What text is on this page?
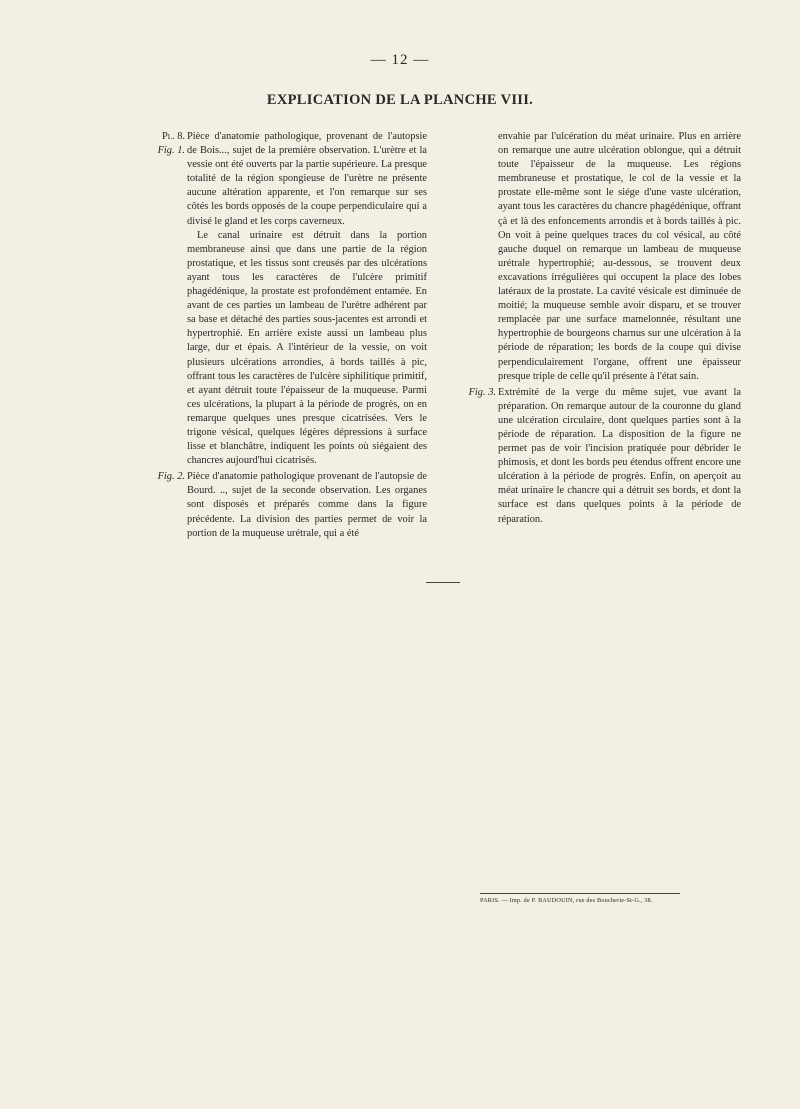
— 12 —
EXPLICATION DE LA PLANCHE VIII.
Pl. 8.
Fig. 1.

Pièce d'anatomie pathologique, provenant de l'autopsie de Bois..., sujet de la première observation. L'urètre et la vessie ont été ouverts par la partie supérieure. La presque totalité de la région spongieuse de l'urètre ne présente aucune altération apparente, et l'on remarque sur ses côtés les bords opposés de la coupe perpendiculaire qui a divisé le gland et les corps caverneux.

Le canal urinaire est détruit dans la portion membraneuse ainsi que dans une partie de la région prostatique, et les tissus sont creusés par des ulcérations ayant tous les caractères de l'ulcère primitif phagédénique, la prostate est profondément entamée. En avant de ces parties un lambeau de l'urètre adhérent par sa base et détaché des parties sous-jacentes est arrondi et hypertrophié. En arrière existe aussi un lambeau plus large, dur et épais. A l'intérieur de la vessie, on voit plusieurs ulcérations arrondies, à bords taillés à pic, offrant tous les caractères de l'ulcère siphilitique primitif, et ayant détruit toute l'épaisseur de la muqueuse. Parmi ces ulcérations, la plupart à la période de progrès, on en remarque quelques unes presque cicatrisées. Vers le trigone vésical, quelques légères dépressions à surface lisse et blanchâtre, indiquent les points où siégaient des chancres aujourd'hui cicatrisés.

Fig. 2. Pièce d'anatomie pathologique provenant de l'autopsie de Bourd. .., sujet de la seconde observation. Les organes sont disposés et préparés comme dans la figure précédente. La division des parties permet de voir la portion de la muqueuse urétrale, qui a été

envahie par l'ulcération du méat urinaire. Plus en arrière on remarque une autre ulcération oblongue, qui a détruit toute l'épaisseur de la muqueuse. Les régions membraneuse et prostatique, le col de la vessie et la prostate elle-même sont le siége d'une vaste ulcération, ayant tous les caractères du chancre phagédénique, offrant çà et là des enfoncements arrondis et à bords taillés à pic. On voit à peine quelques traces du col vésical, au côté gauche duquel on remarque un lambeau de muqueuse urétrale hypertrophié; au-dessous, se trouvent deux excavations irrégulières qui occupent la place des lobes latéraux de la prostate. La cavité vésicale est diminuée de moitié; la muqueuse semble avoir disparu, et se trouver remplacée par une surface mamelonnée, résultant une hypertrophie de bourgeons charnus sur une ulcération à la période de réparation; les bords de la coupe qui divise perpendiculairement l'organe, offrent une épaisseur presque triple de celle qu'il présente à l'état sain.

Fig. 3. Extrémité de la verge du même sujet, vue avant la préparation. On remarque autour de la couronne du gland une ulcération circulaire, dont quelques parties sont à la période de réparation. La disposition de la figure ne permet pas de voir l'incision pratiquée pour débrider le phimosis, et dont les bords peu étendus offrent encore une ulcération à la période de progrès. Enfin, on aperçoit au méat urinaire le chancre qui a détruit ses bords, et dont la surface est dans quelques points à la période de réparation.

PARIS. — Imp. de P. BAUDOUIN, rue des Boucherie-St-G., 38.
